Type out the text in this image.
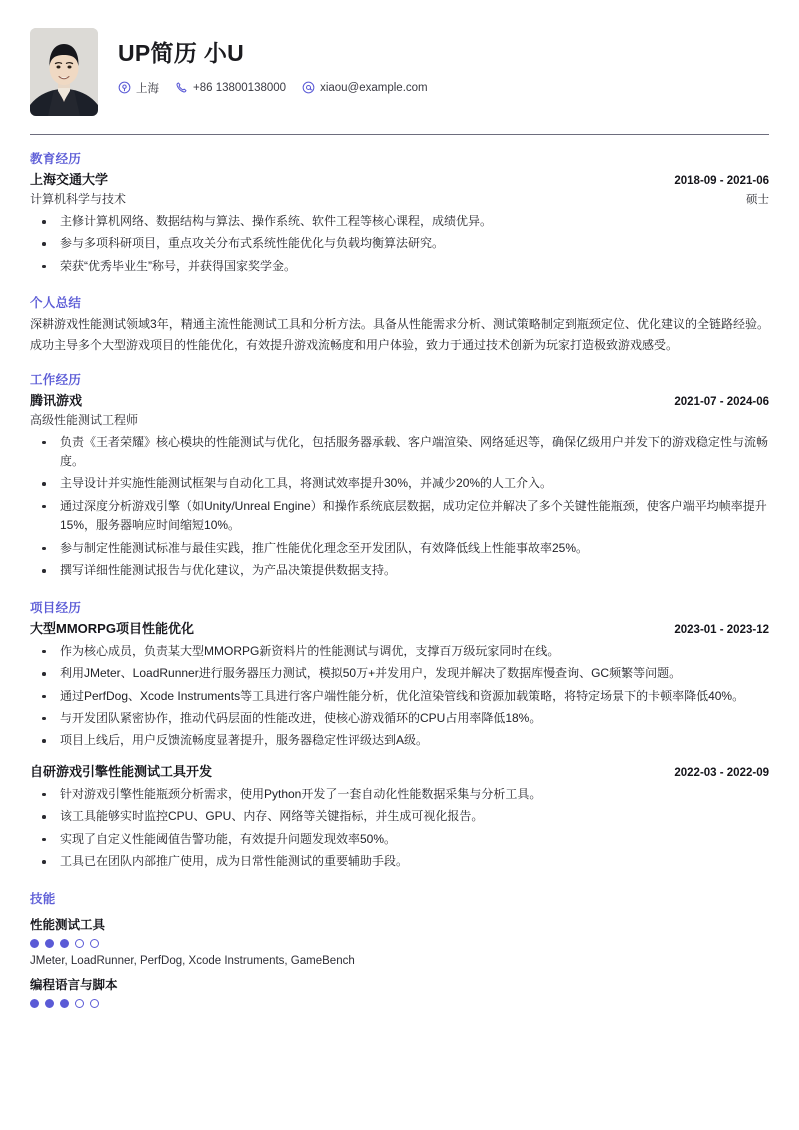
UP简历 小U
上海	+86 13800138000	xiaou@example.com
教育经历
上海交通大学	2018-09 - 2021-06
计算机科学与技术	硕士
主修计算机网络、数据结构与算法、操作系统、软件工程等核心课程，成绩优异。
参与多项科研项目，重点攻关分布式系统性能优化与负载均衡算法研究。
荣获“优秀毕业生”称号，并获得国家奖学金。
个人总结
深耕游戏性能测试领域3年，精通主流性能测试工具和分析方法。具备从性能需求分析、测试策略制定到瓶颈定位、优化建议的全链路经验。成功主导多个大型游戏项目的性能优化，有效提升游戏流畅度和用户体验，致力于通过技术创新为玩家打造极致游戏感受。
工作经历
腾讯游戏	2021-07 - 2024-06
高级性能测试工程师
负责《王者荣耀》核心模块的性能测试与优化，包括服务器承载、客户端渲染、网络延迟等，确保亿级用户并发下的游戏稳定性与流畅度。
主导设计并实施性能测试框架与自动化工具，将测试效率提升30%，并减少20%的人工介入。
通过深度分析游戏引擎（如Unity/Unreal Engine）和操作系统底层数据，成功定位并解决了多个关键性能瓶颈，使客户端平均帧率提升15%，服务器响应时间缩短10%。
参与制定性能测试标准与最佳实践，推广性能优化理念至开发团队，有效降低线上性能事故率25%。
撰写详细性能测试报告与优化建议，为产品决策提供数据支持。
项目经历
大型MMORPG项目性能优化	2023-01 - 2023-12
作为核心成员，负责某大型MMORPG新资料片的性能测试与调优，支撑百万级玩家同时在线。
利用JMeter、LoadRunner进行服务器压力测试，模拟50万+并发用户，发现并解决了数据库慢查询、GC频繁等问题。
通过PerfDog、Xcode Instruments等工具进行客户端性能分析，优化渲染管线和资源加载策略，将特定场景下的卡顿率降低40%。
与开发团队紧密协作，推动代码层面的性能改进，使核心游戏循环的CPU占用率降低18%。
项目上线后，用户反馈流畅度显著提升，服务器稳定性评级达到A级。
自研游戏引擎性能测试工具开发	2022-03 - 2022-09
针对游戏引擎性能瓶颈分析需求，使用Python开发了一套自动化性能数据采集与分析工具。
该工具能够实时监控CPU、GPU、内存、网络等关键指标，并生成可视化报告。
实现了自定义性能阈值告警功能，有效提升问题发现效率50%。
工具已在团队内部推广使用，成为日常性能测试的重要辅助手段。
技能
性能测试工具
JMeter, LoadRunner, PerfDog, Xcode Instruments, GameBench
编程语言与脚本
